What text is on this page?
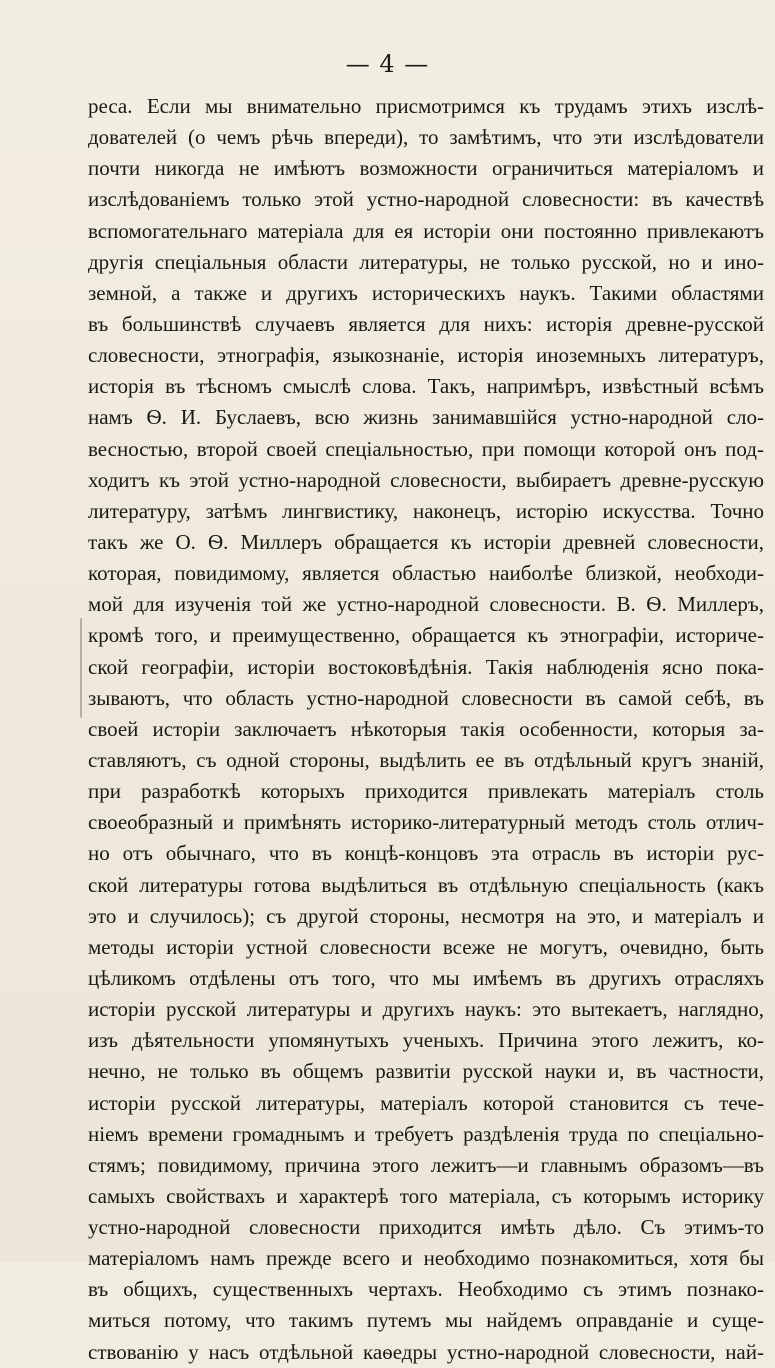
— 4 —
реса. Если мы внимательно присмотримся къ трудамъ этихъ изслѣ-
дователей (о чемъ рѣчь впереди), то замѣтимъ, что эти изслѣдователи
почти никогда не имѣютъ возможности ограничиться матеріаломъ и
изслѣдованіемъ только этой устно-народной словесности: въ качествѣ
вспомогательнаго матеріала для ея исторіи они постоянно привлекаютъ
другія спеціальныя области литературы, не только русской, но и ино-
земной, а также и другихъ историческихъ наукъ. Такими областями
въ большинствѣ случаевъ является для нихъ: исторія древне-русской
словесности, этнографія, языкознаніе, исторія иноземныхъ литературъ,
исторія въ тѣсномъ смыслѣ слова. Такъ, напримѣръ, извѣстный всѣмъ
намъ Ѳ. И. Буслаевъ, всю жизнь занимавшійся устно-народной сло-
весностью, второй своей спеціальностью, при помощи которой онъ под-
ходитъ къ этой устно-народной словесности, выбираетъ древне-русскую
литературу, затѣмъ лингвистику, наконецъ, исторію искусства. Точно
такъ же О. Ѳ. Миллеръ обращается къ исторіи древней словесности,
которая, повидимому, является областью наиболѣе близкой, необходи-
мой для изученія той же устно-народной словесности. В. Ѳ. Миллеръ,
кромѣ того, и преимущественно, обращается къ этнографіи, историче-
ской географіи, исторіи востоковѣдѣнія. Такія наблюденія ясно пока-
зываютъ, что область устно-народной словесности въ самой себѣ, въ
своей исторіи заключаетъ нѣкоторыя такія особенности, которыя за-
ставляютъ, съ одной стороны, выдѣлить ее въ отдѣльный кругъ знаній,
при разработкѣ которыхъ приходится привлекать матеріалъ столь
своеобразный и примѣнять историко-литературный методъ столь отлич-
но отъ обычнаго, что въ концѣ-концовъ эта отрасль въ исторіи рус-
ской литературы готова выдѣлиться въ отдѣльную спеціальность (какъ
это и случилось); съ другой стороны, несмотря на это, и матеріалъ и
методы исторіи устной словесности всеже не могутъ, очевидно, быть
цѣликомъ отдѣлены отъ того, что мы имѣемъ въ другихъ отрасляхъ
исторіи русской литературы и другихъ наукъ: это вытекаетъ, наглядно,
изъ дѣятельности упомянутыхъ ученыхъ. Причина этого лежитъ, ко-
нечно, не только въ общемъ развитіи русской науки и, въ частности,
исторіи русской литературы, матеріалъ которой становится съ тече-
ніемъ времени громаднымъ и требуетъ раздѣленія труда по спеціально-
стямъ; повидимому, причина этого лежитъ—и главнымъ образомъ—въ
самыхъ свойствахъ и характерѣ того матеріала, съ которымъ историку
устно-народной словесности приходится имѣть дѣло. Съ этимъ-то
матеріаломъ намъ прежде всего и необходимо познакомиться, хотя бы
въ общихъ, существенныхъ чертахъ. Необходимо съ этимъ познако-
миться потому, что такимъ путемъ мы найдемъ оправданіе и суще-
ствованію у насъ отдѣльной каѳедры устно-народной словесности, най-
